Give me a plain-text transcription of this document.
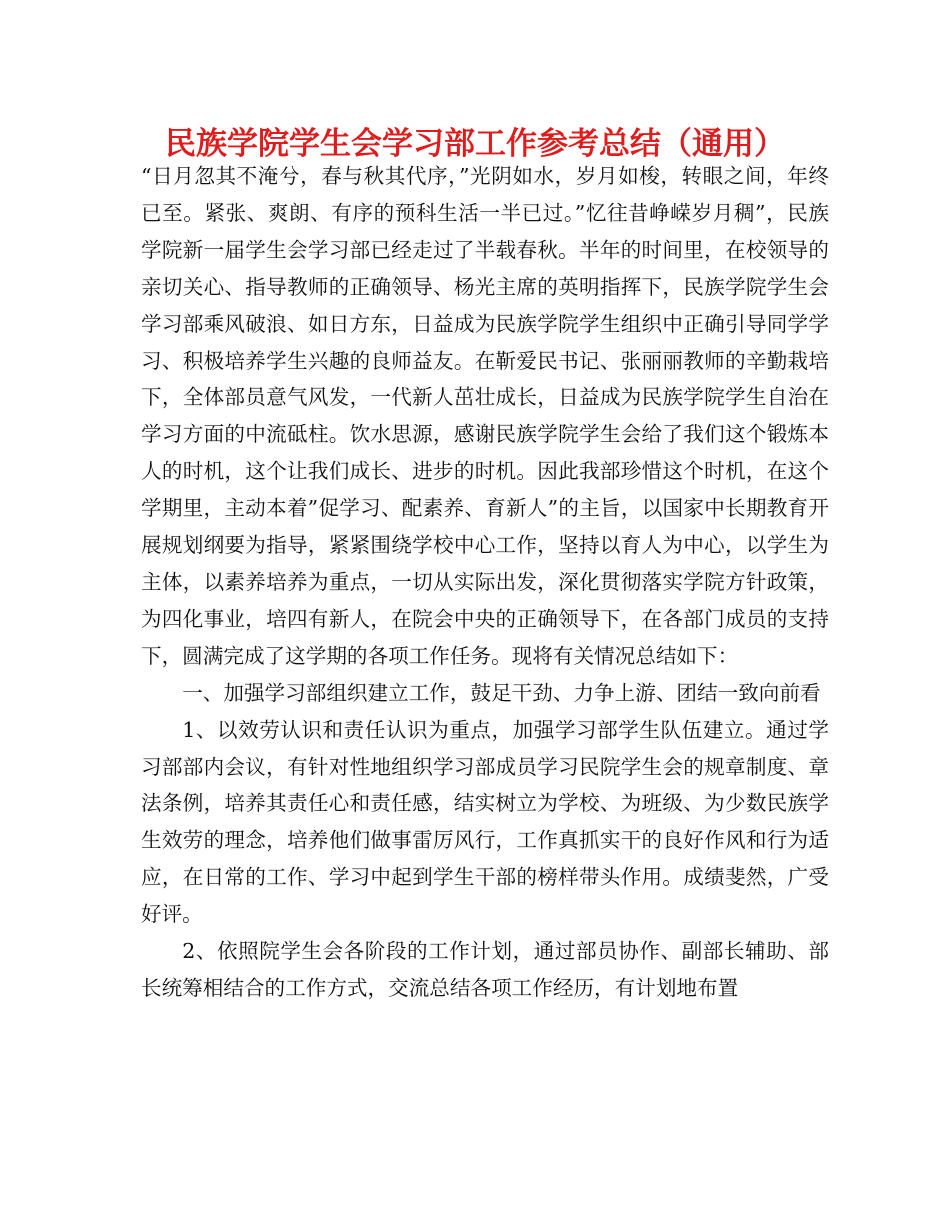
民族学院学生会学习部工作参考总结（通用）

“日月忽其不淹兮，春与秋其代序，”光阴如水，岁月如梭，转眼之间，年终已至。紧张、爽朗、有序的预科生活一半已过。”忆往昔峥嵘岁月稠”，民族学院新一届学生会学习部已经走过了半载春秋。半年的时间里，在校领导的亲切关心、指导教师的正确领导、杨光主席的英明指挥下，民族学院学生会学习部乘风破浪、如日方东，日益成为民族学院学生组织中正确引导同学学习、积极培养学生兴趣的良师益友。在靳爱民书记、张丽丽教师的辛勤栽培下，全体部员意气风发，一代新人茁壮成长，日益成为民族学院学生自治在学习方面的中流砥柱。饮水思源，感谢民族学院学生会给了我们这个锻炼本人的时机，这个让我们成长、进步的时机。因此我部珍惜这个时机，在这个学期里，主动本着”促学习、配素养、育新人”的主旨，以国家中长期教育开展规划纲要为指导，紧紧围绕学校中心工作，坚持以育人为中心，以学生为主体，以素养培养为重点，一切从实际出发，深化贯彻落实学院方针政策，为四化事业，培四有新人，在院会中央的正确领导下，在各部门成员的支持下，圆满完成了这学期的各项工作任务。现将有关情况总结如下：

一、加强学习部组织建立工作，鼓足干劲、力争上游、团结一致向前看

1、以效劳认识和责任认识为重点，加强学习部学生队伍建立。通过学习部部内会议，有针对性地组织学习部成员学习民院学生会的规章制度、章法条例，培养其责任心和责任感，结实树立为学校、为班级、为少数民族学生效劳的理念，培养他们做事雷厉风行，工作真抓实干的良好作风和行为适应，在日常的工作、学习中起到学生干部的榜样带头作用。成绩斐然，广受好评。

2、依照院学生会各阶段的工作计划，通过部员协作、副部长辅助、部长统筹相结合的工作方式，交流总结各项工作经历，有计划地布置
